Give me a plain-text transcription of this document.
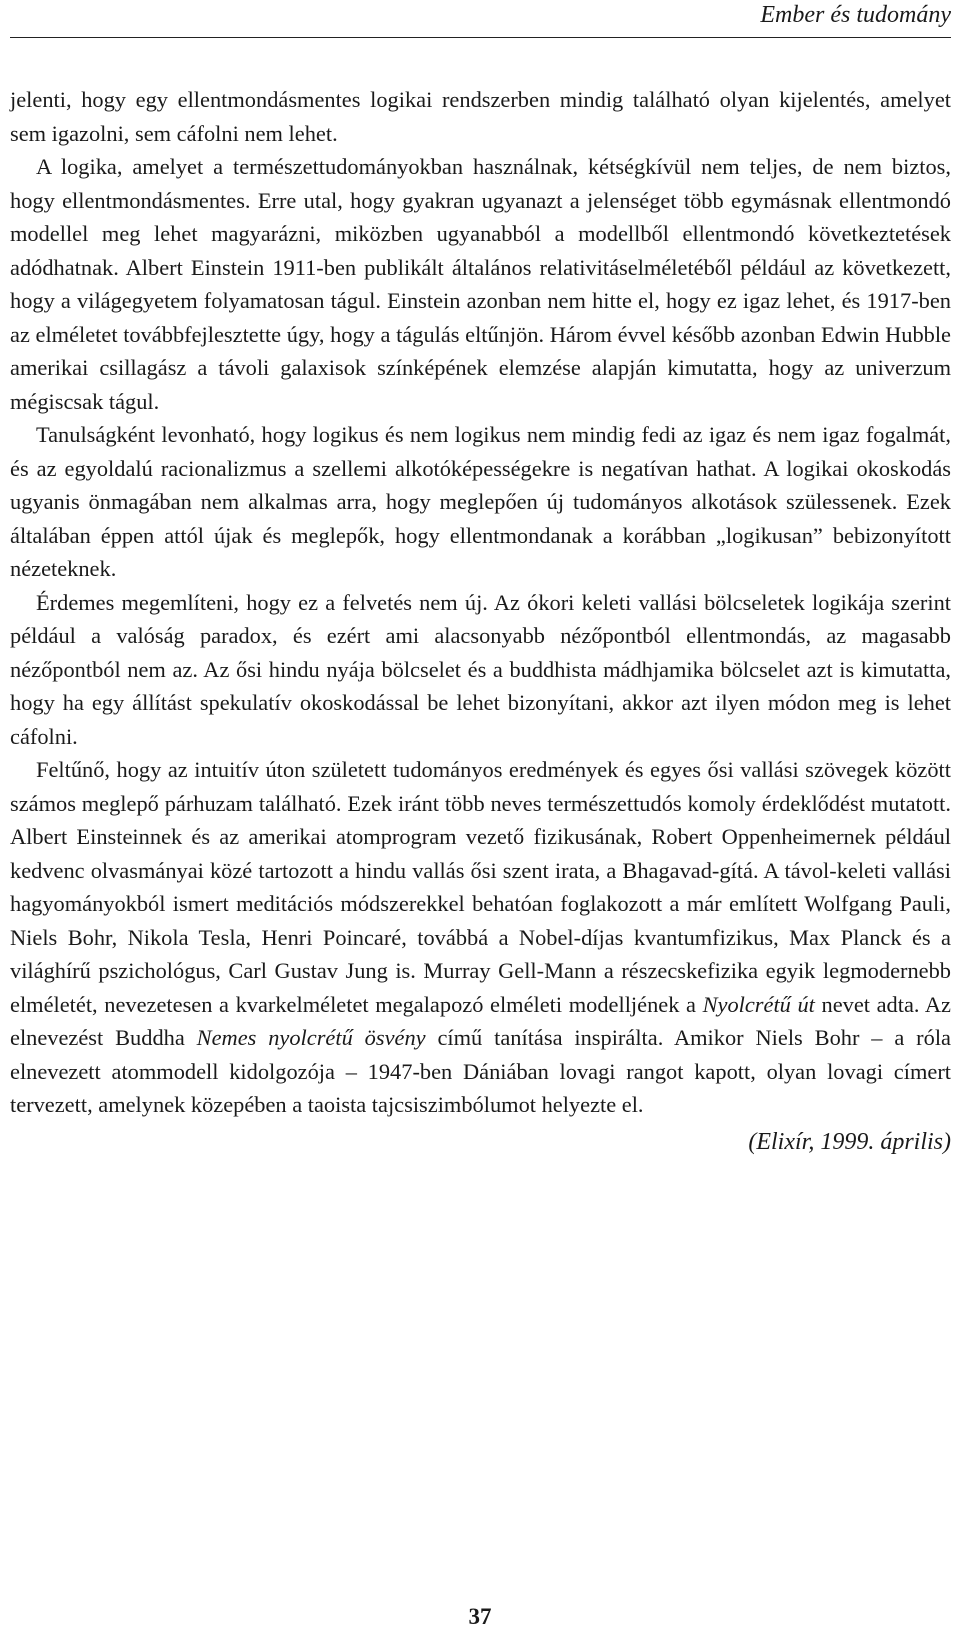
Ember és tudomány

jelenti, hogy egy ellentmondásmentes logikai rendszerben mindig található olyan kijelentés, amelyet sem igazolni, sem cáfolni nem lehet.

A logika, amelyet a természettudományokban használnak, kétségkívül nem teljes, de nem biztos, hogy ellentmondásmentes. Erre utal, hogy gyakran ugyanazt a jelenséget több egymásnak ellentmondó modellel meg lehet magyarázni, miközben ugyanabból a modellből ellentmondó következtetések adódhatnak. Albert Einstein 1911-ben publikált általános relativitáselméletéből például az következett, hogy a világegyetem folyamatosan tágul. Einstein azonban nem hitte el, hogy ez igaz lehet, és 1917-ben az elméletet továbbfejlesztette úgy, hogy a tágulás eltűnjön. Három évvel később azonban Edwin Hubble amerikai csillagász a távoli galaxisok színképének elemzése alapján kimutatta, hogy az univerzum mégiscsak tágul.

Tanulságként levonható, hogy logikus és nem logikus nem mindig fedi az igaz és nem igaz fogalmát, és az egyoldalú racionalizmus a szellemi alkotóképességekre is negatívan hathat. A logikai okoskodás ugyanis önmagában nem alkalmas arra, hogy meglepően új tudományos alkotások szülessenek. Ezek általában éppen attól újak és meglepők, hogy ellentmondanak a korábban „logikusan” bebizonyított nézeteknek.

Érdemes megemlíteni, hogy ez a felvetés nem új. Az ókori keleti vallási bölcseletek logikája szerint például a valóság paradox, és ezért ami alacsonyabb nézőpontból ellentmondás, az magasabb nézőpontból nem az. Az ősi hindu nyája bölcselet és a buddhista mádhjamika bölcselet azt is kimutatta, hogy ha egy állítást spekulatív okoskodással be lehet bizonyítani, akkor azt ilyen módon meg is lehet cáfolni.

Feltűnő, hogy az intuitív úton született tudományos eredmények és egyes ősi vallási szövegek között számos meglepő párhuzam található. Ezek iránt több neves természettudós komoly érdeklődést mutatott. Albert Einsteinnek és az amerikai atomprogram vezető fizikusának, Robert Oppenheimernek például kedvenc olvasmányai közé tartozott a hindu vallás ősi szent irata, a Bhagavad-gítá. A távol-keleti vallási hagyományokból ismert meditációs módszerekkel behatóan foglakozott a már említett Wolfgang Pauli, Niels Bohr, Nikola Tesla, Henri Poincaré, továbbá a Nobel-díjas kvantumfizikus, Max Planck és a világhírű pszichológus, Carl Gustav Jung is. Murray Gell-Mann a részecskefizika egyik legmodernebb elméletét, nevezetesen a kvarkelméletet megalapozó elméleti modelljének a Nyolcrétű út nevet adta. Az elnevezést Buddha Nemes nyolcrétű ösvény című tanítása inspirálta. Amikor Niels Bohr – a róla elnevezett atommodell kidolgozója – 1947-ben Dániában lovagi rangot kapott, olyan lovagi címert tervezett, amelynek közepében a taoista tajcsiszimbólumot helyezte el.

(Elixír, 1999. április)
37
